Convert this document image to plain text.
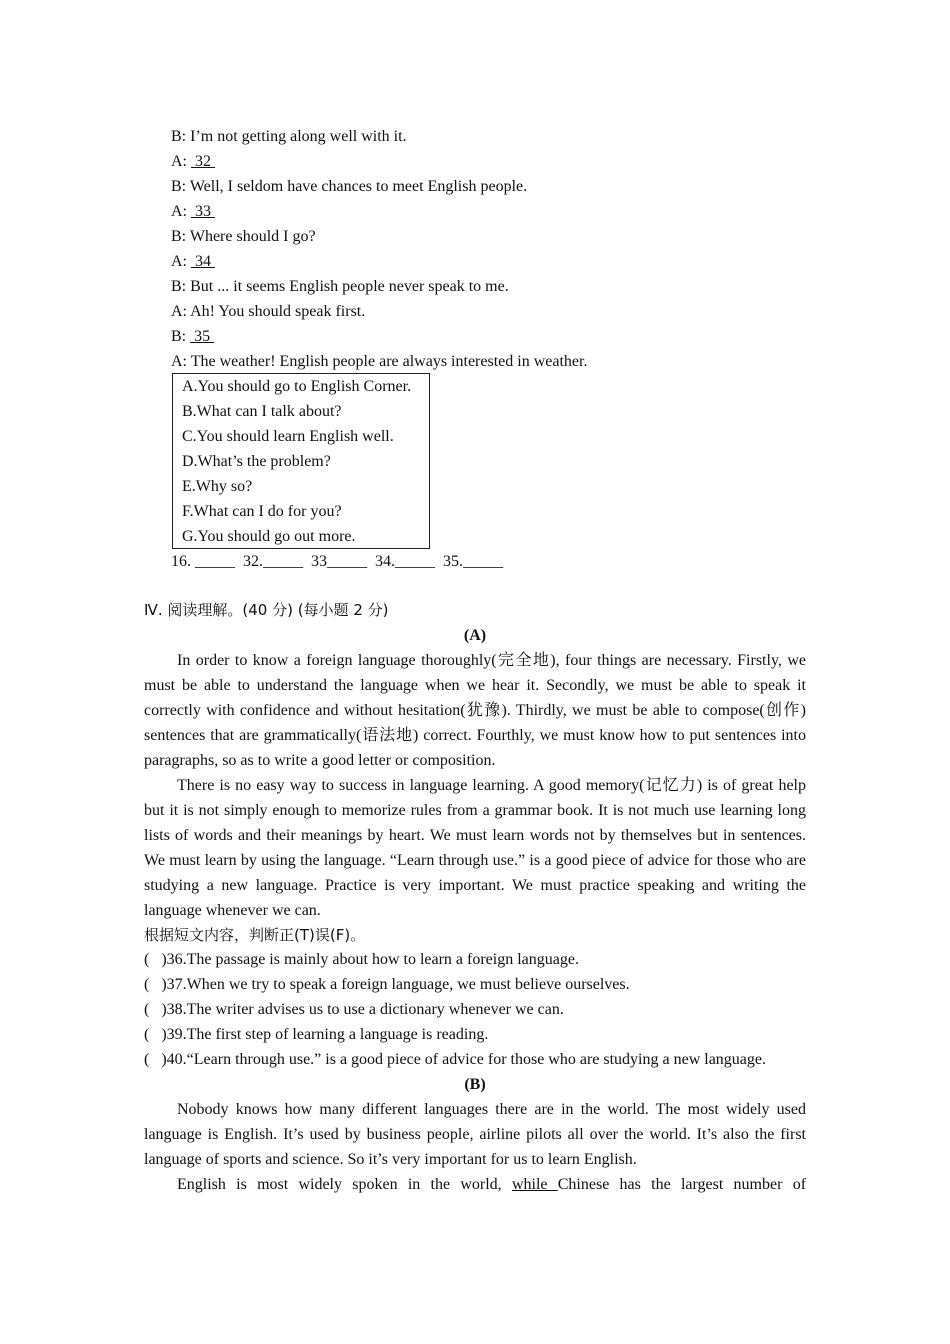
B: I’m not getting along well with it.
A:  32
B: Well, I seldom have chances to meet English people.
A:  33
B: Where should I go?
A:  34
B: But ... it seems English people never speak to me.
A: Ah! You should speak first.
B:  35
A: The weather! English people are always interested in weather.
A.You should go to English Corner.
B.What can I talk about?
C.You should learn English well.
D.What’s the problem?
E.Why so?
F.What can I do for you?
G.You should go out more.
16. _____  32._____  33_____  34._____  35._____
Ⅳ. 阅读理解。(40 分) (每小题 2 分)
(A)

In order to know a foreign language thoroughly(完全地), four things are necessary. Firstly, we must be able to understand the language when we hear it. Secondly, we must be able to speak it correctly with confidence and without hesitation(犹豫). Thirdly, we must be able to compose(创作) sentences that are grammatically(语法地) correct. Fourthly, we must know how to put sentences into paragraphs, so as to write a good letter or composition.

There is no easy way to success in language learning. A good memory(记忆力) is of great help but it is not simply enough to memorize rules from a grammar book. It is not much use learning long lists of words and their meanings by heart. We must learn words not by themselves but in sentences. We must learn by using the language. “Learn through use.” is a good piece of advice for those who are studying a new language. Practice is very important. We must practice speaking and writing the language whenever we can.

根据短文内容，判断正(T)误(F)。
(   )36.The passage is mainly about how to learn a foreign language.
(   )37.When we try to speak a foreign language, we must believe ourselves.
(   )38.The writer advises us to use a dictionary whenever we can.
(   )39.The first step of learning a language is reading.
(   )40.“Learn through use.” is a good piece of advice for those who are studying a new language.
(B)

Nobody knows how many different languages there are in the world. The most widely used language is English. It’s used by business people, airline pilots all over the world. It’s also the first language of sports and science. So it’s very important for us to learn English.

English is most widely spoken in the world, while Chinese has the largest number of
